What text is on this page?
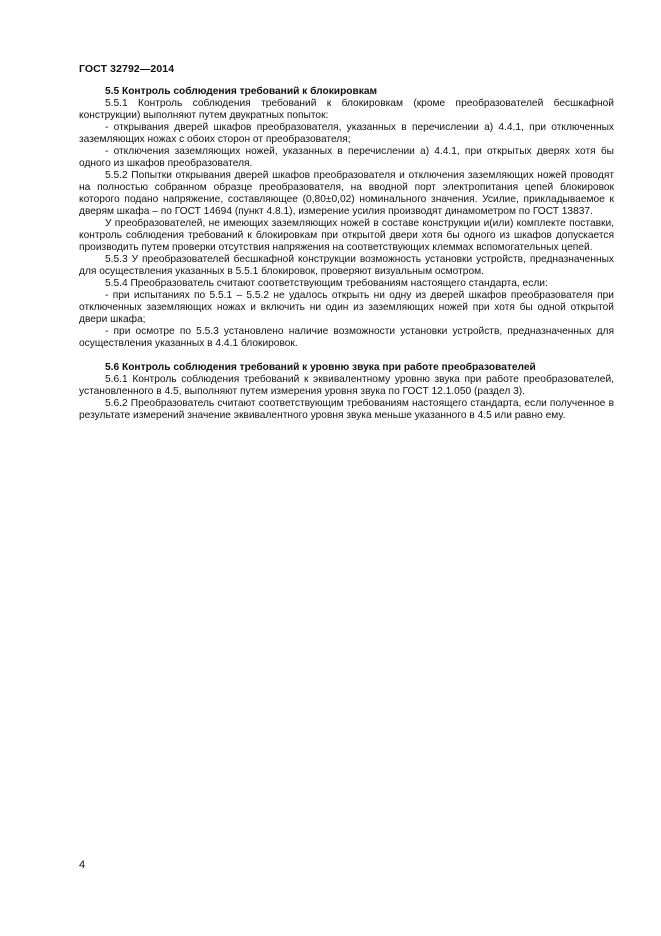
ГОСТ 32792—2014

5.5 Контроль соблюдения требований к блокировкам

5.5.1 Контроль соблюдения требований к блокировкам (кроме преобразователей бесшкафной конструкции) выполняют путем двукратных попыток:

- открывания дверей шкафов преобразователя, указанных в перечислении а) 4.4.1, при отключенных заземляющих ножах с обоих сторон от преобразователя;

- отключения заземляющих ножей, указанных в перечислении а) 4.4.1, при открытых дверях хотя бы одного из шкафов преобразователя.

5.5.2 Попытки открывания дверей шкафов преобразователя и отключения заземляющих ножей проводят на полностью собранном образце преобразователя, на вводной порт электропитания цепей блокировок которого подано напряжение, составляющее (0,80±0,02) номинального значения. Усилие, прикладываемое к дверям шкафа – по ГОСТ 14694 (пункт 4.8.1), измерение усилия производят динамометром по ГОСТ 13837.

У преобразователей, не имеющих заземляющих ножей в составе конструкции и(или) комплекте поставки, контроль соблюдения требований к блокировкам при открытой двери хотя бы одного из шкафов допускается производить путем проверки отсутствия напряжения на соответствующих клеммах вспомогательных цепей.

5.5.3 У преобразователей бесшкафной конструкции возможность установки устройств, предназначенных для осуществления указанных в 5.5.1 блокировок, проверяют визуальным осмотром.

5.5.4 Преобразователь считают соответствующим требованиям настоящего стандарта, если:

- при испытаниях по 5.5.1 – 5.5.2 не удалось открыть ни одну из дверей шкафов преобразователя при отключенных заземляющих ножах и включить ни один из заземляющих ножей при хотя бы одной открытой двери шкафа;

- при осмотре по 5.5.3 установлено наличие возможности установки устройств, предназначенных для осуществления указанных в 4.4.1 блокировок.

5.6 Контроль соблюдения требований к уровню звука при работе преобразователей

5.6.1 Контроль соблюдения требований к эквивалентному уровню звука при работе преобразователей, установленного в 4.5, выполняют путем измерения уровня звука по ГОСТ 12.1.050 (раздел 3).

5.6.2 Преобразователь считают соответствующим требованиям настоящего стандарта, если полученное в результате измерений значение эквивалентного уровня звука меньше указанного в 4.5 или равно ему.

4
